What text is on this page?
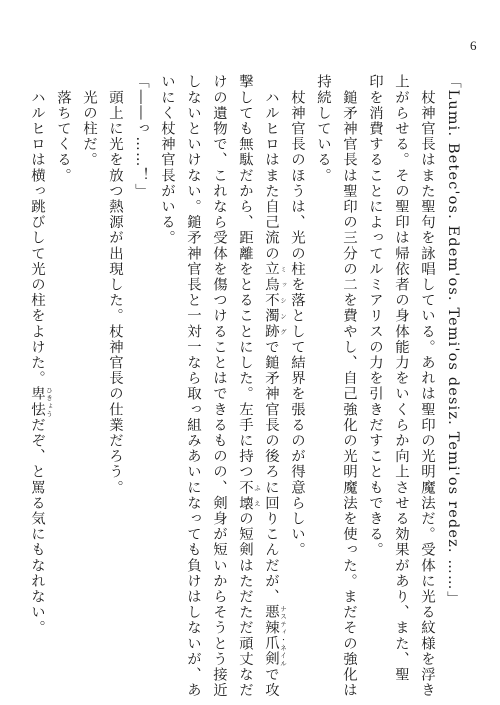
6
「Lumi. Betec'os. Edem'os. Temi'os desiz. Temi'os redez. ……」
　杖神官長はまた聖句を詠唱している。あれは聖印の光明魔法だ。受体に光る紋様を浮き
上がらせる。その聖印は帰依者の身体能力をいくらか向上させる効果があり、また、聖
印を消費することによってルミアリスの力を引きだすこともできる。
　鎚矛神官長は聖印の三分の二を費やし、自己強化の光明魔法を使った。まだその強化は
持続している。
　杖神官長のほうは、光の柱を落として結界を張るのが得意らしい。
　ハルヒロはまた自己流の立烏不濁跡 ミッシングで鎚矛神官長の後ろに回りこんだが、悪辣爪剣 ナスティ・ネイルで攻
撃しても無駄だから、距離をとることにした。左手に持つ不壊 ふえの短剣はただただ頑丈なだ
けの遺物で、これなら受体を傷つけることはできるものの、剣身が短いからそうとう接近
しないといけない。鎚矛神官長と一対一なら取っ組みあいになっても負けはしないが、あ
いにく杖神官長がいる。
「――っ……！」
　頭上に光を放つ熱源が出現した。杖神官長の仕業だろう。
　光の柱だ。
　落ちてくる。
　ハルヒロは横っ跳びして光の柱をよけた。卑怯 ひきょうだぞ、と罵る気にもなれない。
